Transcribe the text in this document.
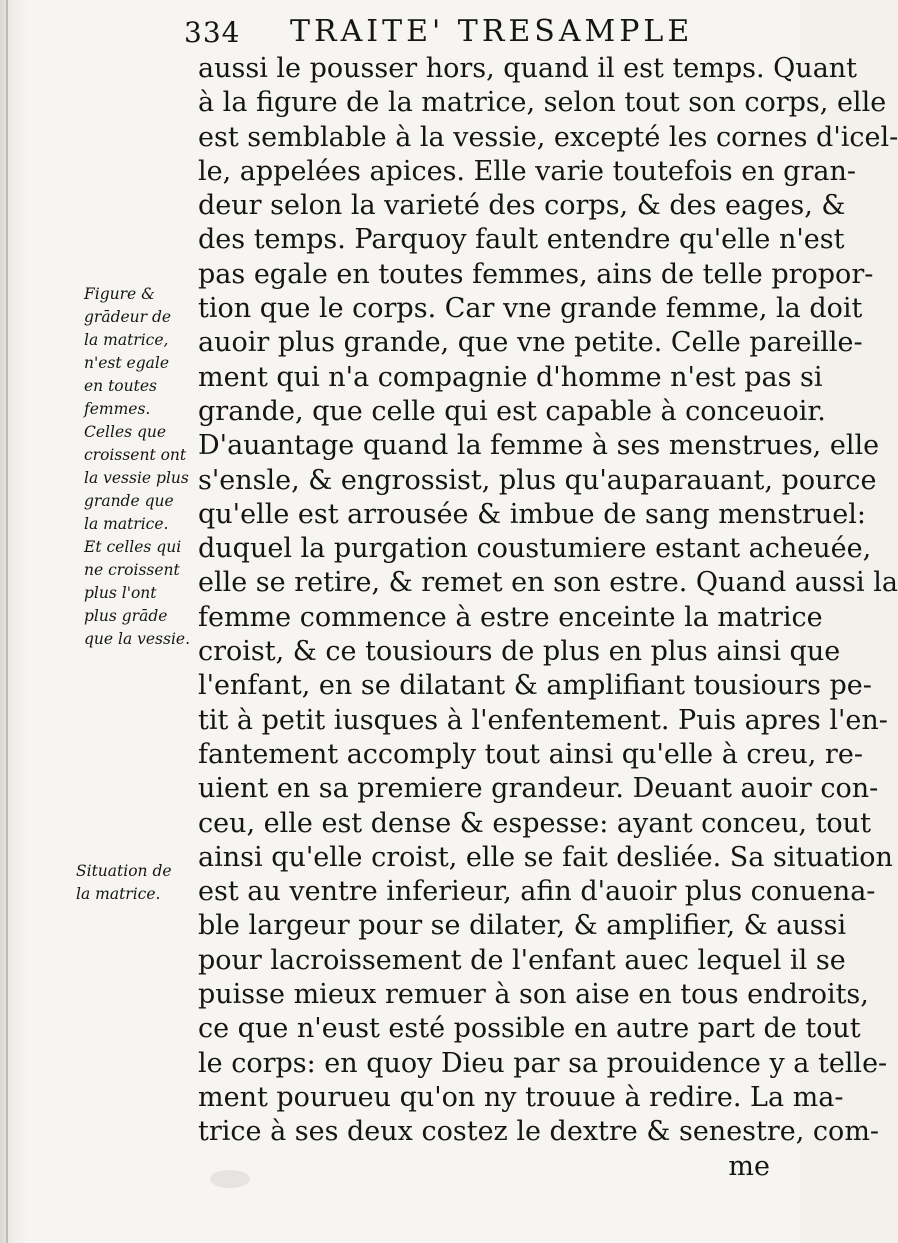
334 TRAITE' TRESAMPLE
aussi le pousser hors, quand il est temps. Quant
à la figure de la matrice, selon tout son corps, elle
est semblable à la vessie, excepté les cornes d'icel-
le, appelées apices. Elle varie toutefois en gran-
deur selon la varieté des corps, & des eages, &
des temps. Parquoy fault entendre qu'elle n'est
pas egale en toutes femmes, ains de telle propor-
tion que le corps. Car vne grande femme, la doit
auoir plus grande, que vne petite. Celle pareille-
ment qui n'a compagnie d'homme n'est pas si
grande, que celle qui est capable à conceuoir.
D'auantage quand la femme à ses menstrues, elle
s'ensle, & engrossist, plus qu'auparauant, pource
qu'elle est arrousée & imbue de sang menstruel:
duquel la purgation coustumiere estant acheuée,
elle se retire, & remet en son estre. Quand aussi la
femme commence à estre enceinte la matrice
croist, & ce tousiours de plus en plus ainsi que
l'enfant, en se dilatant & amplifiant tousiours pe-
tit à petit iusques à l'enfentement. Puis apres l'en-
fantement accomply tout ainsi qu'elle à creu, re-
uient en sa premiere grandeur. Deuant auoir con-
ceu, elle est dense & espesse: ayant conceu, tout
ainsi qu'elle croist, elle se fait desliée. Sa situation
est au ventre inferieur, afin d'auoir plus conuena-
ble largeur pour se dilater, & amplifier, & aussi
pour lacroissement de l'enfant auec lequel il se
puisse mieux remuer à son aise en tous endroits,
ce que n'eust esté possible en autre part de tout
le corps: en quoy Dieu par sa prouidence y a telle-
ment pourueu qu'on ny trouue à redire. La ma-
trice à ses deux costez le dextre & senestre, com-
me
Figure &
grādeur de
la matrice,
n'est egale
en toutes
femmes.
Celles que
croissent ont
la vessie plus
grande que
la matrice.
Et celles qui
ne croissent
plus l'ont
plus grāde
que la vessie.
Situation de
la matrice.
